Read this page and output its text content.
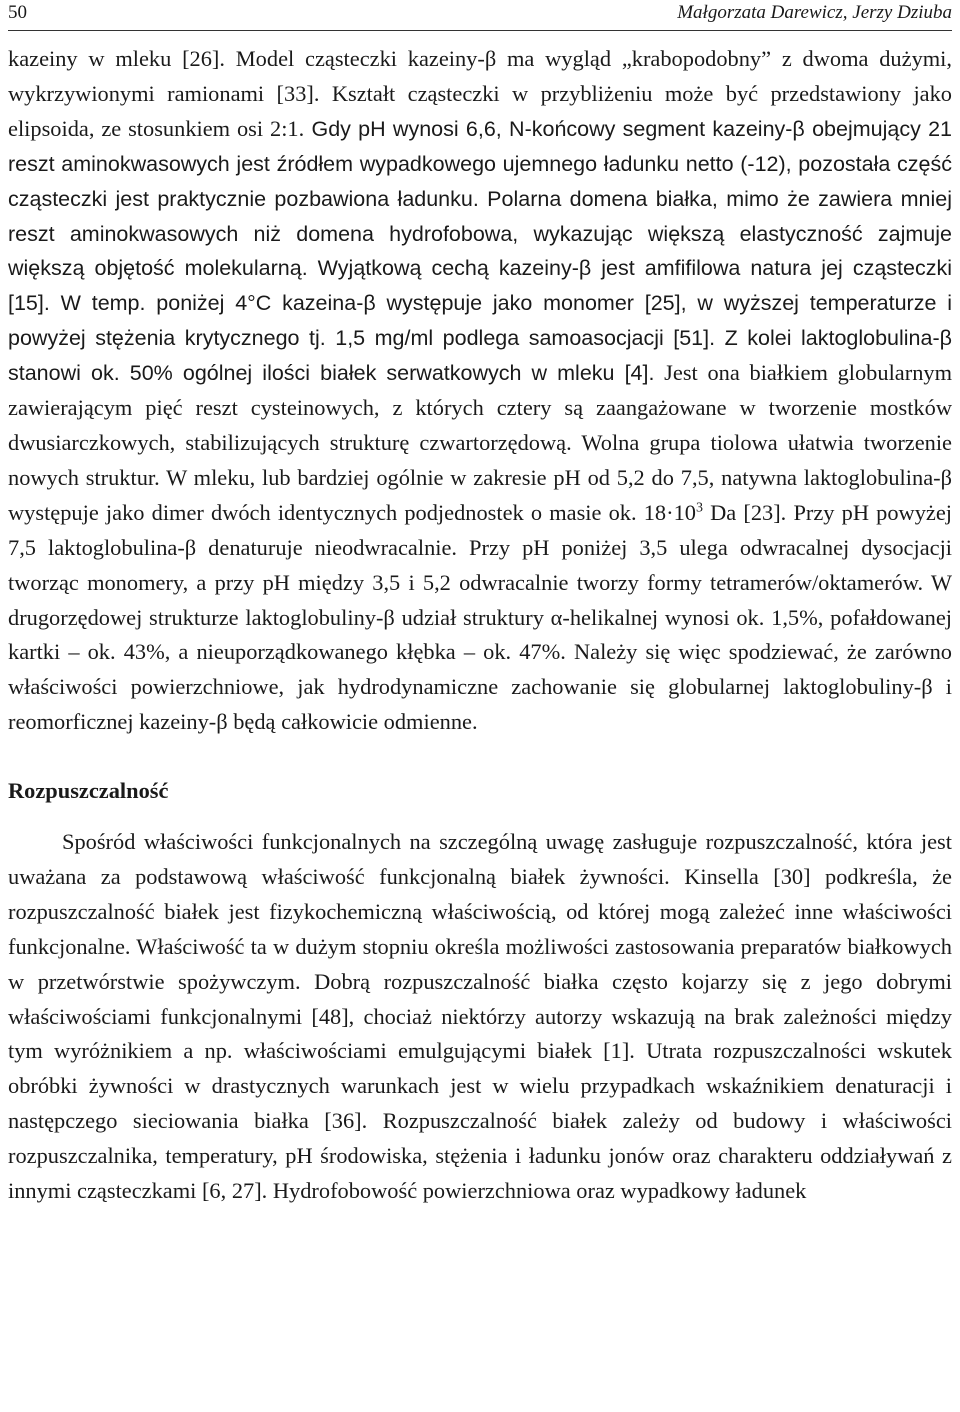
50	Małgorzata Darewicz, Jerzy Dziuba

kazeiny w mleku [26]. Model cząsteczki kazeiny-β ma wygląd „krabopodobny” z dwoma dużymi, wykrzywionymi ramionami [33]. Kształt cząsteczki w przybliżeniu może być przedstawiony jako elipsoida, ze stosunkiem osi 2:1. Gdy pH wynosi 6,6, N-końcowy segment kazeiny-β obejmujący 21 reszt aminokwasowych jest źródłem wypadkowego ujemnego ładunku netto (-12), pozostała część cząsteczki jest praktycznie pozbawiona ładunku. Polarna domena białka, mimo że zawiera mniej reszt aminokwasowych niż domena hydrofobowa, wykazując większą elastyczność zajmuje większą objętość molekularną. Wyjątkową cechą kazeiny-β jest amfifilowa natura jej cząsteczki [15]. W temp. poniżej 4°C kazeina-β występuje jako monomer [25], w wyższej temperaturze i powyżej stężenia krytycznego tj. 1,5 mg/ml podlega samoasocjacji [51]. Z kolei laktoglobulina-β stanowi ok. 50% ogólnej ilości białek serwatkowych w mleku [4]. Jest ona białkiem globularnym zawierającym pięć reszt cysteinowych, z których cztery są zaangażowane w tworzenie mostków dwusiarczkowych, stabilizujących strukturę czwartorzędową. Wolna grupa tiolowa ułatwia tworzenie nowych struktur. W mleku, lub bardziej ogólnie w zakresie pH od 5,2 do 7,5, natywna laktoglobulina-β występuje jako dimer dwóch identycznych podjednostek o masie ok. $18\cdot 10^3$ Da [23]. Przy pH powyżej 7,5 laktoglobulina-β denaturuje nieodwracalnie. Przy pH poniżej 3,5 ulega odwracalnej dysocjacji tworząc monomery, a przy pH między 3,5 i 5,2 odwracalnie tworzy formy tetramerów/oktamerów. W drugorzędowej strukturze laktoglobuliny-β udział struktury α-helikalnej wynosi ok. 1,5%, pofałdowanej kartki – ok. 43%, a nieuporządkowanego kłębka – ok. 47%. Należy się więc spodziewać, że zarówno właściwości powierzchniowe, jak hydrodynamiczne zachowanie się globularnej laktoglobuliny-β i reomorficznej kazeiny-β będą całkowicie odmienne.

Rozpuszczalność

Spośród właściwości funkcjonalnych na szczególną uwagę zasługuje rozpuszczalność, która jest uważana za podstawową właściwość funkcjonalną białek żywności. Kinsella [30] podkreśla, że rozpuszczalność białek jest fizykochemiczną właściwością, od której mogą zależeć inne właściwości funkcjonalne. Właściwość ta w dużym stopniu określa możliwości zastosowania preparatów białkowych w przetwórstwie spożywczym. Dobrą rozpuszczalność białka często kojarzy się z jego dobrymi właściwościami funkcjonalnymi [48], chociaż niektórzy autorzy wskazują na brak zależności między tym wyróżnikiem a np. właściwościami emulgującymi białek [1]. Utrata rozpuszczalności wskutek obróbki żywności w drastycznych warunkach jest w wielu przypadkach wskaźnikiem denaturacji i następczego sieciowania białka [36]. Rozpuszczalność białek zależy od budowy i właściwości rozpuszczalnika, temperatury, pH środowiska, stężenia i ładunku jonów oraz charakteru oddziaływań z innymi cząsteczkami [6, 27]. Hydrofobowość powierzchniowa oraz wypadkowy ładunek
